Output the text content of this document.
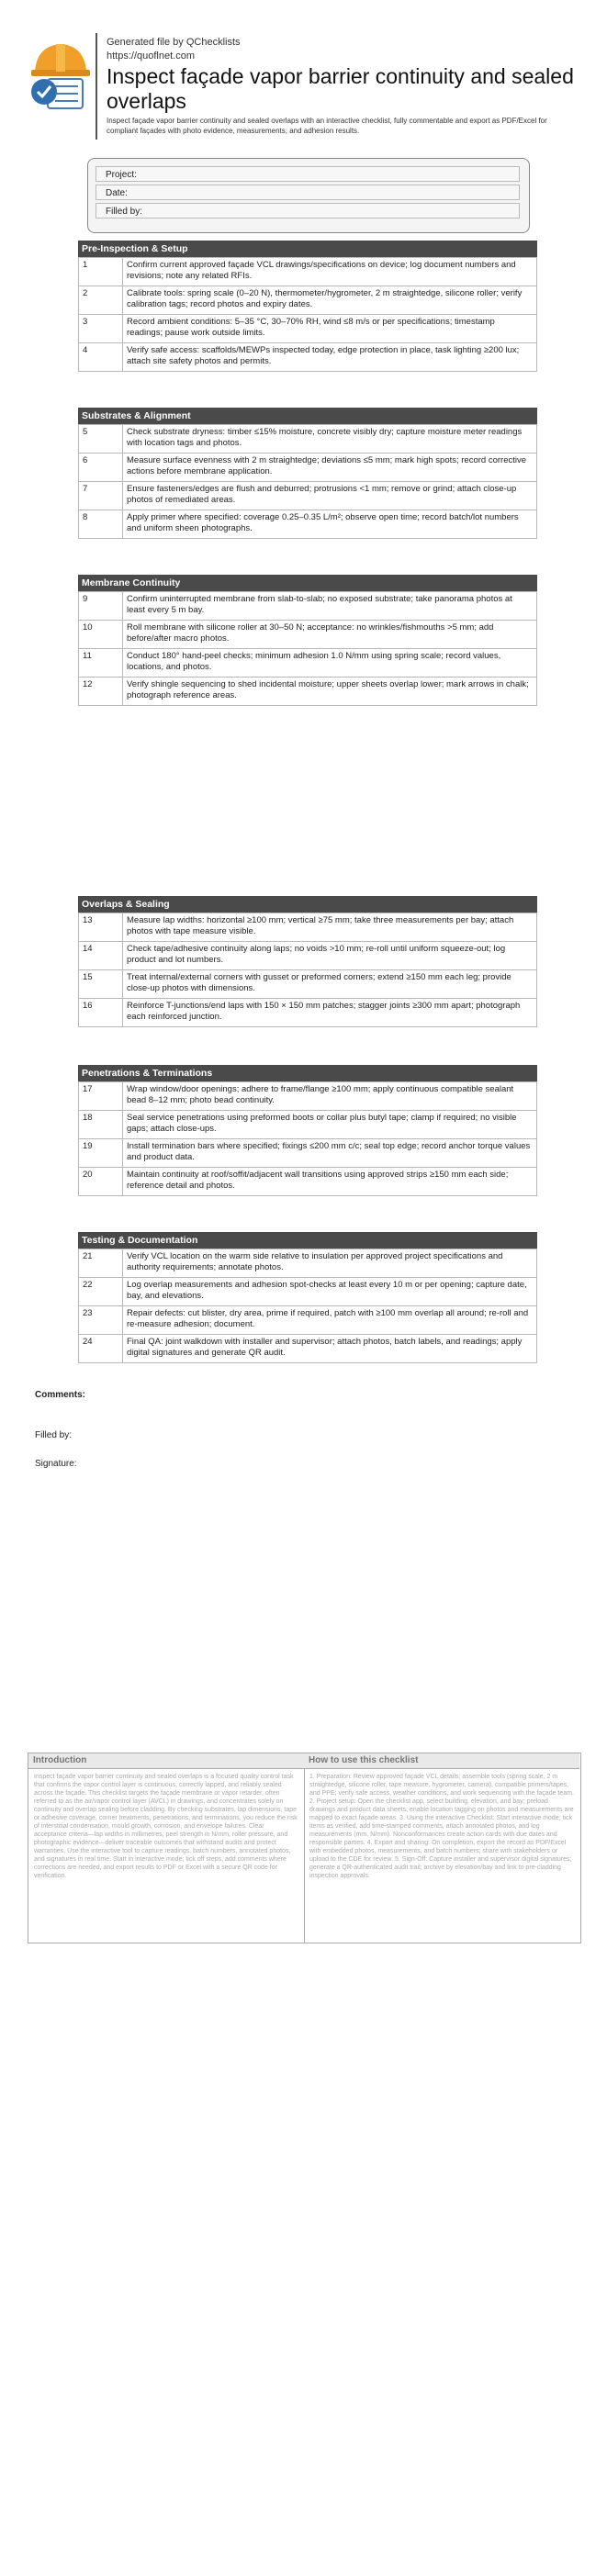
Generated file by QChecklists
https://quoflnet.com
Inspect façade vapor barrier continuity and sealed overlaps
Inspect façade vapor barrier continuity and sealed overlaps with an interactive checklist, fully commentable and export as PDF/Excel for compliant façades with photo evidence, measurements, and adhesion results.
Project:
Date:
Filled by:
Pre-Inspection & Setup
1	Confirm current approved façade VCL drawings/specifications on device; log document numbers and revisions; note any related RFIs.
2	Calibrate tools: spring scale (0–20 N), thermometer/hygrometer, 2 m straightedge, silicone roller; verify calibration tags; record photos and expiry dates.
3	Record ambient conditions: 5–35 °C, 30–70% RH, wind ≤8 m/s or per specifications; timestamp readings; pause work outside limits.
4	Verify safe access: scaffolds/MEWPs inspected today, edge protection in place, task lighting ≥200 lux; attach site safety photos and permits.
Substrates & Alignment
5	Check substrate dryness: timber ≤15% moisture, concrete visibly dry; capture moisture meter readings with location tags and photos.
6	Measure surface evenness with 2 m straightedge; deviations ≤5 mm; mark high spots; record corrective actions before membrane application.
7	Ensure fasteners/edges are flush and deburred; protrusions <1 mm; remove or grind; attach close-up photos of remediated areas.
8	Apply primer where specified: coverage 0.25–0.35 L/m²; observe open time; record batch/lot numbers and uniform sheen photographs.
Membrane Continuity
9	Confirm uninterrupted membrane from slab-to-slab; no exposed substrate; take panorama photos at least every 5 m bay.
10	Roll membrane with silicone roller at 30–50 N; acceptance: no wrinkles/fishmouths >5 mm; add before/after macro photos.
11	Conduct 180° hand-peel checks; minimum adhesion 1.0 N/mm using spring scale; record values, locations, and photos.
12	Verify shingle sequencing to shed incidental moisture; upper sheets overlap lower; mark arrows in chalk; photograph reference areas.
Overlaps & Sealing
13	Measure lap widths: horizontal ≥100 mm; vertical ≥75 mm; take three measurements per bay; attach photos with tape measure visible.
14	Check tape/adhesive continuity along laps; no voids >10 mm; re-roll until uniform squeeze-out; log product and lot numbers.
15	Treat internal/external corners with gusset or preformed corners; extend ≥150 mm each leg; provide close-up photos with dimensions.
16	Reinforce T-junctions/end laps with 150 × 150 mm patches; stagger joints ≥300 mm apart; photograph each reinforced junction.
Penetrations & Terminations
17	Wrap window/door openings; adhere to frame/flange ≥100 mm; apply continuous compatible sealant bead 8–12 mm; photo bead continuity.
18	Seal service penetrations using preformed boots or collar plus butyl tape; clamp if required; no visible gaps; attach close-ups.
19	Install termination bars where specified; fixings ≤200 mm c/c; seal top edge; record anchor torque values and product data.
20	Maintain continuity at roof/soffit/adjacent wall transitions using approved strips ≥150 mm each side; reference detail and photos.
Testing & Documentation
21	Verify VCL location on the warm side relative to insulation per approved project specifications and authority requirements; annotate photos.
22	Log overlap measurements and adhesion spot-checks at least every 10 m or per opening; capture date, bay, and elevations.
23	Repair defects: cut blister, dry area, prime if required, patch with ≥100 mm overlap all around; re-roll and re-measure adhesion; document.
24	Final QA: joint walkdown with installer and supervisor; attach photos, batch labels, and readings; apply digital signatures and generate QR audit.
Comments:
Filled by:
Signature:
Introduction
Inspect façade vapor barrier continuity and sealed overlaps is a focused quality control task that confirms the vapor control layer is continuous, correctly lapped, and reliably sealed across the façade. This checklist targets the façade membrane or vapor retarder, often referred to as the air/vapor control layer (AVCL) in drawings, and concentrates solely on continuity and overlap sealing before cladding. By checking substrates, lap dimensions, tape or adhesive coverage, corner treatments, penetrations, and terminations, you reduce the risk of interstitial condensation, mould growth, corrosion, and envelope failures. Clear acceptance criteria—lap widths in millimetres, peel strength in N/mm, roller pressure, and photographic evidence—deliver traceable outcomes that withstand audits and protect warranties. Use the interactive tool to capture readings, batch numbers, annotated photos, and signatures in real time. Start in interactive mode; tick off steps, add comments where corrections are needed, and export results to PDF or Excel with a secure QR code for verification.
How to use this checklist
1. Preparation: Review approved façade VCL details; assemble tools (spring scale, 2 m straightedge, silicone roller, tape measure, hygrometer, camera), compatible primers/tapes, and PPE; verify safe access, weather conditions, and work sequencing with the façade team. 2. Project setup: Open the checklist app, select building, elevation, and bay; preload drawings and product data sheets; enable location tagging on photos and measurements are mapped to exact façade areas. 3. Using the interactive Checklist: Start interactive mode; tick items as verified, add time-stamped comments, attach annotated photos, and log measurements (mm, N/mm). Nonconformances create action cards with due dates and responsible parties. 4. Export and sharing: On completion, export the record as PDF/Excel with embedded photos, measurements, and batch numbers; share with stakeholders or upload to the CDE for review. 5. Sign-Off: Capture installer and supervisor digital signatures; generate a QR-authenticated audit trail; archive by elevation/bay and link to pre-cladding inspection approvals.
